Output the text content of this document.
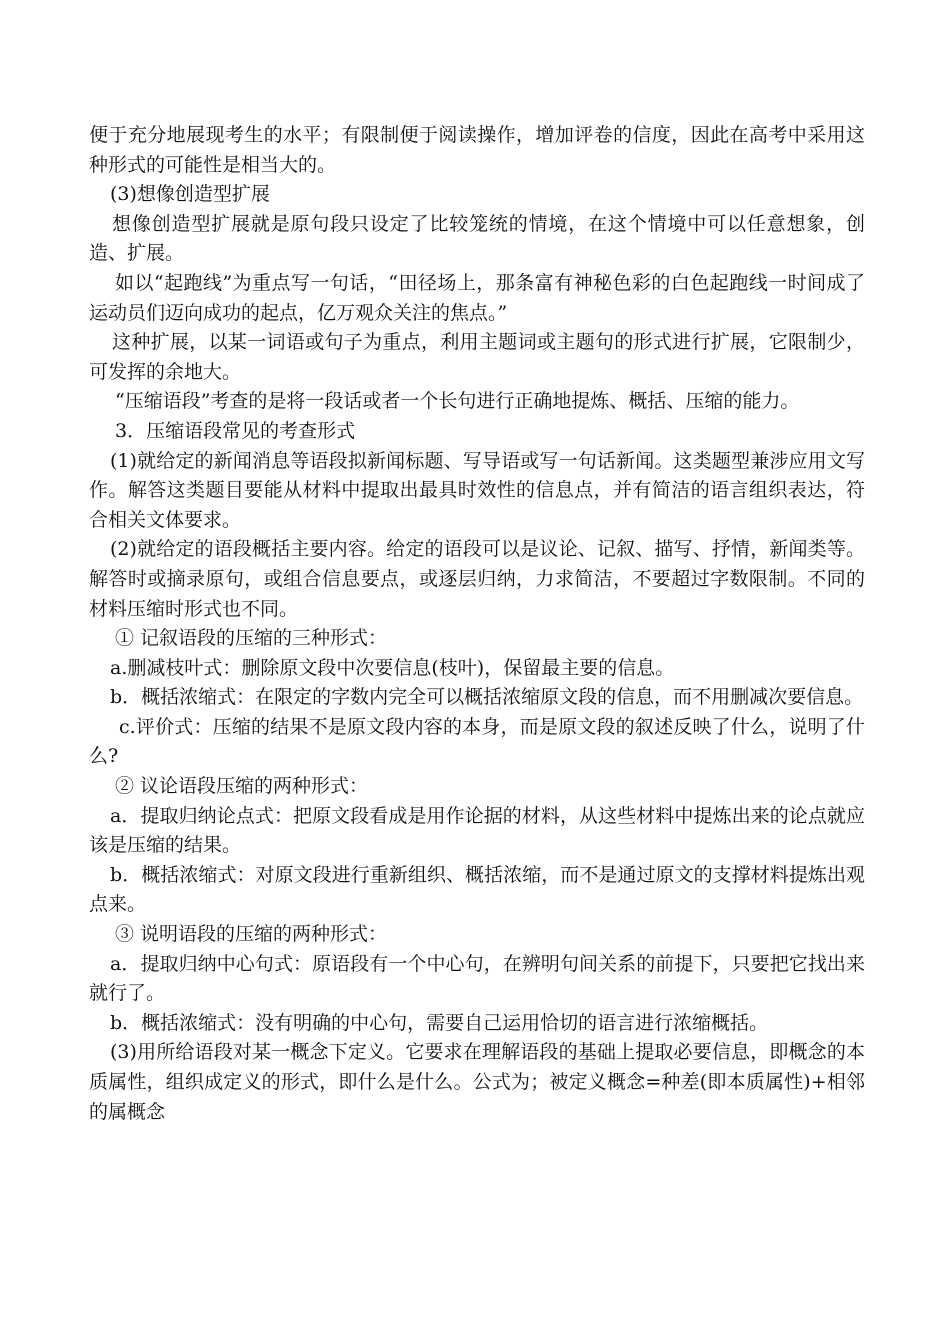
便于充分地展现考生的水平；有限制便于阅读操作，增加评卷的信度，因此在高考中采用这种形式的可能性是相当大的。

(3)想像创造型扩展

想像创造型扩展就是原句段只设定了比较笼统的情境，在这个情境中可以任意想象，创造、扩展。

如以“起跑线”为重点写一句话，“田径场上，那条富有神秘色彩的白色起跑线一时间成了运动员们迈向成功的起点，亿万观众关注的焦点。”

这种扩展，以某一词语或句子为重点，利用主题词或主题句的形式进行扩展，它限制少，可发挥的余地大。

“压缩语段”考查的是将一段话或者一个长句进行正确地提炼、概括、压缩的能力。

3．压缩语段常见的考查形式

(1)就给定的新闻消息等语段拟新闻标题、写导语或写一句话新闻。这类题型兼涉应用文写作。解答这类题目要能从材料中提取出最具时效性的信息点，并有简洁的语言组织表达，符合相关文体要求。

(2)就给定的语段概括主要内容。给定的语段可以是议论、记叙、描写、抒情，新闻类等。解答时或摘录原句，或组合信息要点，或逐层归纳，力求简洁，不要超过字数限制。不同的材料压缩时形式也不同。

① 记叙语段的压缩的三种形式：

a.删减枝叶式：删除原文段中次要信息(枝叶)，保留最主要的信息。

b．概括浓缩式：在限定的字数内完全可以概括浓缩原文段的信息，而不用删减次要信息。

c.评价式：压缩的结果不是原文段内容的本身，而是原文段的叙述反映了什么，说明了什么?

② 议论语段压缩的两种形式：

a．提取归纳论点式：把原文段看成是用作论据的材料，从这些材料中提炼出来的论点就应该是压缩的结果。

b．概括浓缩式：对原文段进行重新组织、概括浓缩，而不是通过原文的支撑材料提炼出观点来。

③ 说明语段的压缩的两种形式：

a．提取归纳中心句式：原语段有一个中心句，在辨明句间关系的前提下，只要把它找出来就行了。

b．概括浓缩式：没有明确的中心句，需要自己运用恰切的语言进行浓缩概括。

(3)用所给语段对某一概念下定义。它要求在理解语段的基础上提取必要信息，即概念的本质属性，组织成定义的形式，即什么是什么。公式为；被定义概念=种差(即本质属性)+相邻的属概念
